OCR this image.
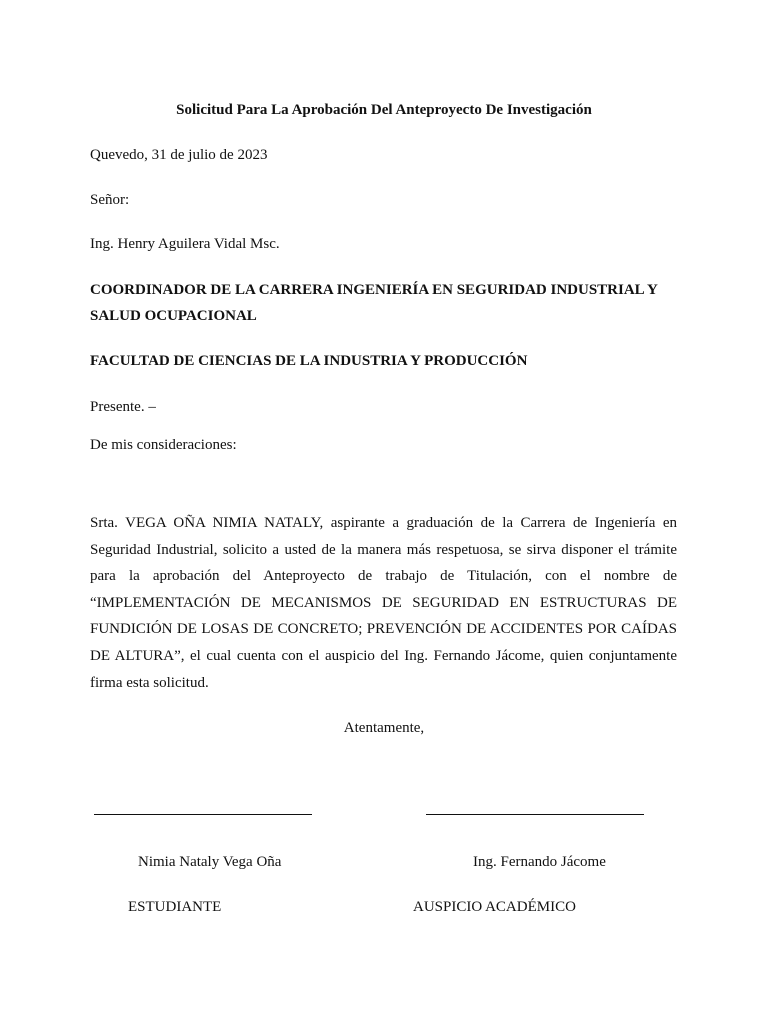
Solicitud Para La Aprobación Del Anteproyecto De Investigación
Quevedo, 31 de julio de 2023
Señor:
Ing. Henry Aguilera Vidal Msc.
COORDINADOR DE LA CARRERA INGENIERÍA EN SEGURIDAD INDUSTRIAL Y
SALUD OCUPACIONAL
FACULTAD DE CIENCIAS DE LA INDUSTRIA Y PRODUCCIÓN
Presente. –
De mis consideraciones:
Srta. VEGA OÑA NIMIA NATALY, aspirante a graduación de la Carrera de Ingeniería en
Seguridad Industrial, solicito a usted de la manera más respetuosa, se sirva disponer el trámite
para la aprobación del Anteproyecto de trabajo de Titulación, con el nombre de
“IMPLEMENTACIÓN DE MECANISMOS DE SEGURIDAD EN ESTRUCTURAS DE
FUNDICIÓN DE LOSAS DE CONCRETO; PREVENCIÓN DE ACCIDENTES POR CAÍDAS
DE ALTURA”, el cual cuenta con el auspicio del Ing. Fernando Jácome, quien conjuntamente
firma esta solicitud.
Atentamente,
Nimia Nataly Vega Oña	Ing. Fernando Jácome
ESTUDIANTE	AUSPICIO ACADÉMICO
